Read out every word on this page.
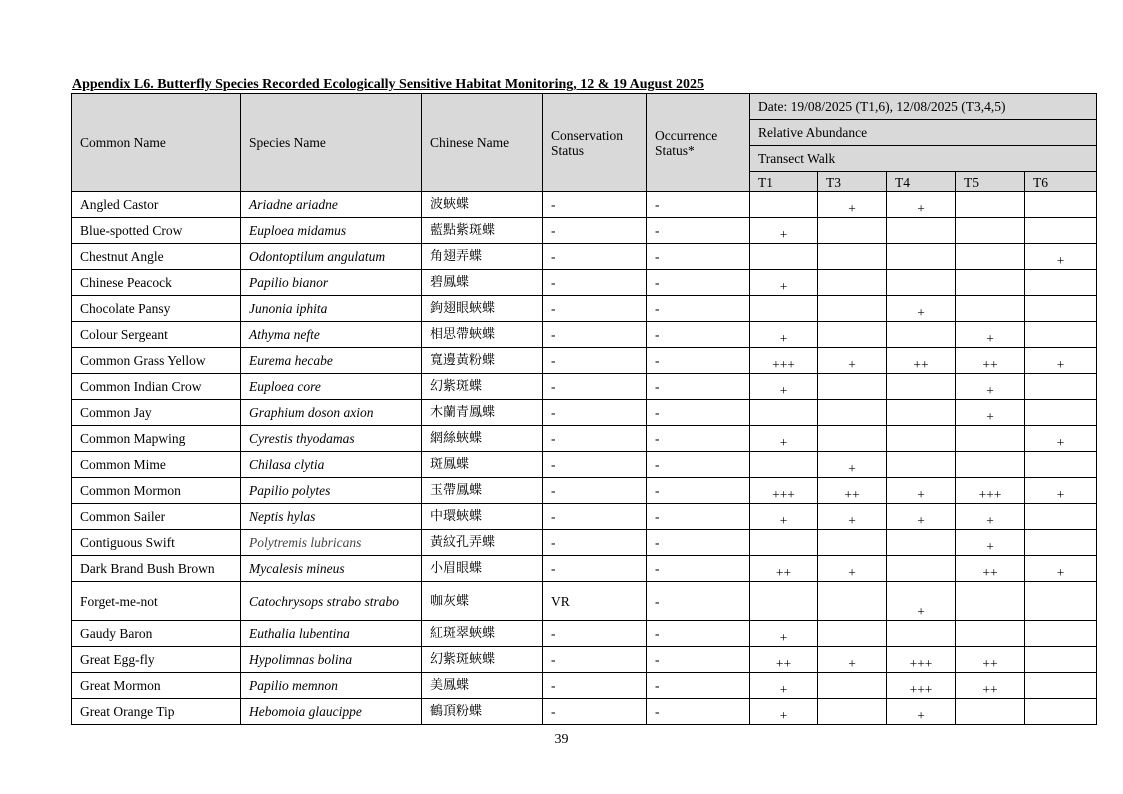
Appendix L6. Butterfly Species Recorded Ecologically Sensitive Habitat Monitoring, 12 & 19 August 2025
Common Name	Species Name	Chinese Name	Conservation Status	Occurrence Status*	Date: 19/08/2025 (T1,6), 12/08/2025 (T3,4,5)				
					Relative Abundance				
					Transect Walk				
					T1	T3	T4	T5	T6
Angled Castor	Ariadne ariadne	波蛺蝶	-	-		+	+		
Blue-spotted Crow	Euploea midamus	藍點紫斑蝶	-	-	+				
Chestnut Angle	Odontoptilum angulatum	角翅弄蝶	-	-					+
Chinese Peacock	Papilio bianor	碧鳳蝶	-	-	+				
Chocolate Pansy	Junonia iphita	鉤翅眼蛺蝶	-	-			+		
Colour Sergeant	Athyma nefte	相思帶蛺蝶	-	-	+			+	
Common Grass Yellow	Eurema hecabe	寬邊黃粉蝶	-	-	+++	+	++	++	+
Common Indian Crow	Euploea core	幻紫斑蝶	-	-	+			+	
Common Jay	Graphium doson axion	木蘭青鳳蝶	-	-				+	
Common Mapwing	Cyrestis thyodamas	網絲蛺蝶	-	-	+				+
Common Mime	Chilasa clytia	斑鳳蝶	-	-		+			
Common Mormon	Papilio polytes	玉帶鳳蝶	-	-	+++	++	+	+++	+
Common Sailer	Neptis hylas	中環蛺蝶	-	-	+	+	+	+	
Contiguous Swift	Polytremis lubricans	黃紋孔弄蝶	-	-				+	
Dark Brand Bush Brown	Mycalesis mineus	小眉眼蝶	-	-	++	+		++	+
Forget-me-not	Catochrysops strabo strabo	咖灰蝶	VR	-			+		
Gaudy Baron	Euthalia lubentina	紅斑翠蛺蝶	-	-	+				
Great Egg-fly	Hypolimnas bolina	幻紫斑蛺蝶	-	-	++	+	+++	++	
Great Mormon	Papilio memnon	美鳳蝶	-	-	+		+++	++	
Great Orange Tip	Hebomoia glaucippe	鶴頂粉蝶	-	-	+		+		
39
